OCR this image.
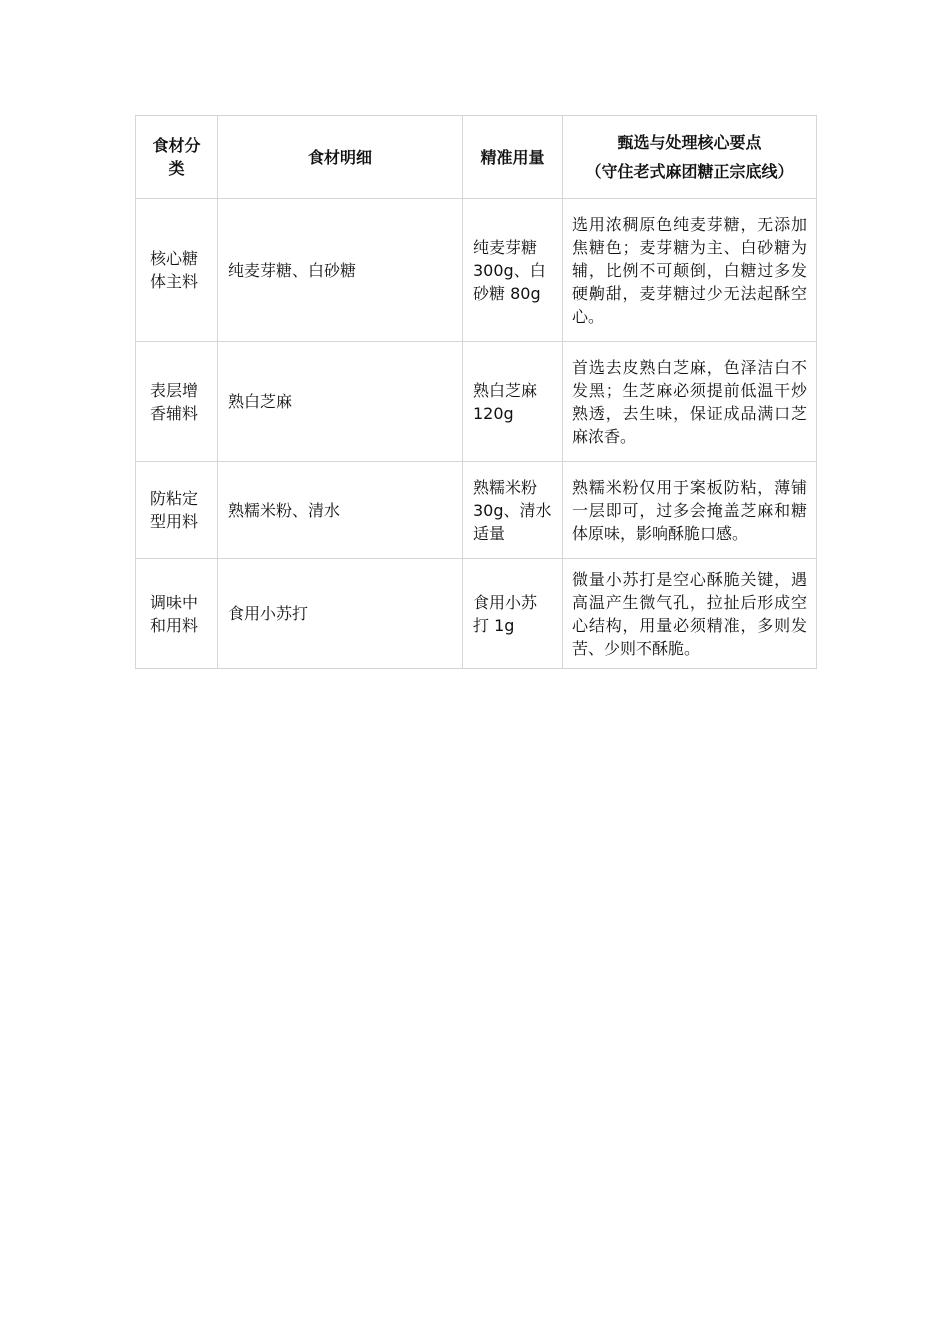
食材分类	食材明细	精准用量	甄选与处理核心要点
（守住老式麻团糖正宗底线）

核心糖体主料	纯麦芽糖、白砂糖	纯麦芽糖 300g、白砂糖 80g	选用浓稠原色纯麦芽糖，无添加焦糖色；麦芽糖为主、白砂糖为辅，比例不可颠倒，白糖过多发硬齁甜，麦芽糖过少无法起酥空心。
表层增香辅料	熟白芝麻	熟白芝麻 120g	首选去皮熟白芝麻，色泽洁白不发黑；生芝麻必须提前低温干炒熟透，去生味，保证成品满口芝麻浓香。
防粘定型用料	熟糯米粉、清水	熟糯米粉 30g、清水适量	熟糯米粉仅用于案板防粘，薄铺一层即可，过多会掩盖芝麻和糖体原味，影响酥脆口感。
调味中和用料	食用小苏打	食用小苏打 1g	微量小苏打是空心酥脆关键，遇高温产生微气孔，拉扯后形成空心结构，用量必须精准，多则发苦、少则不酥脆。
